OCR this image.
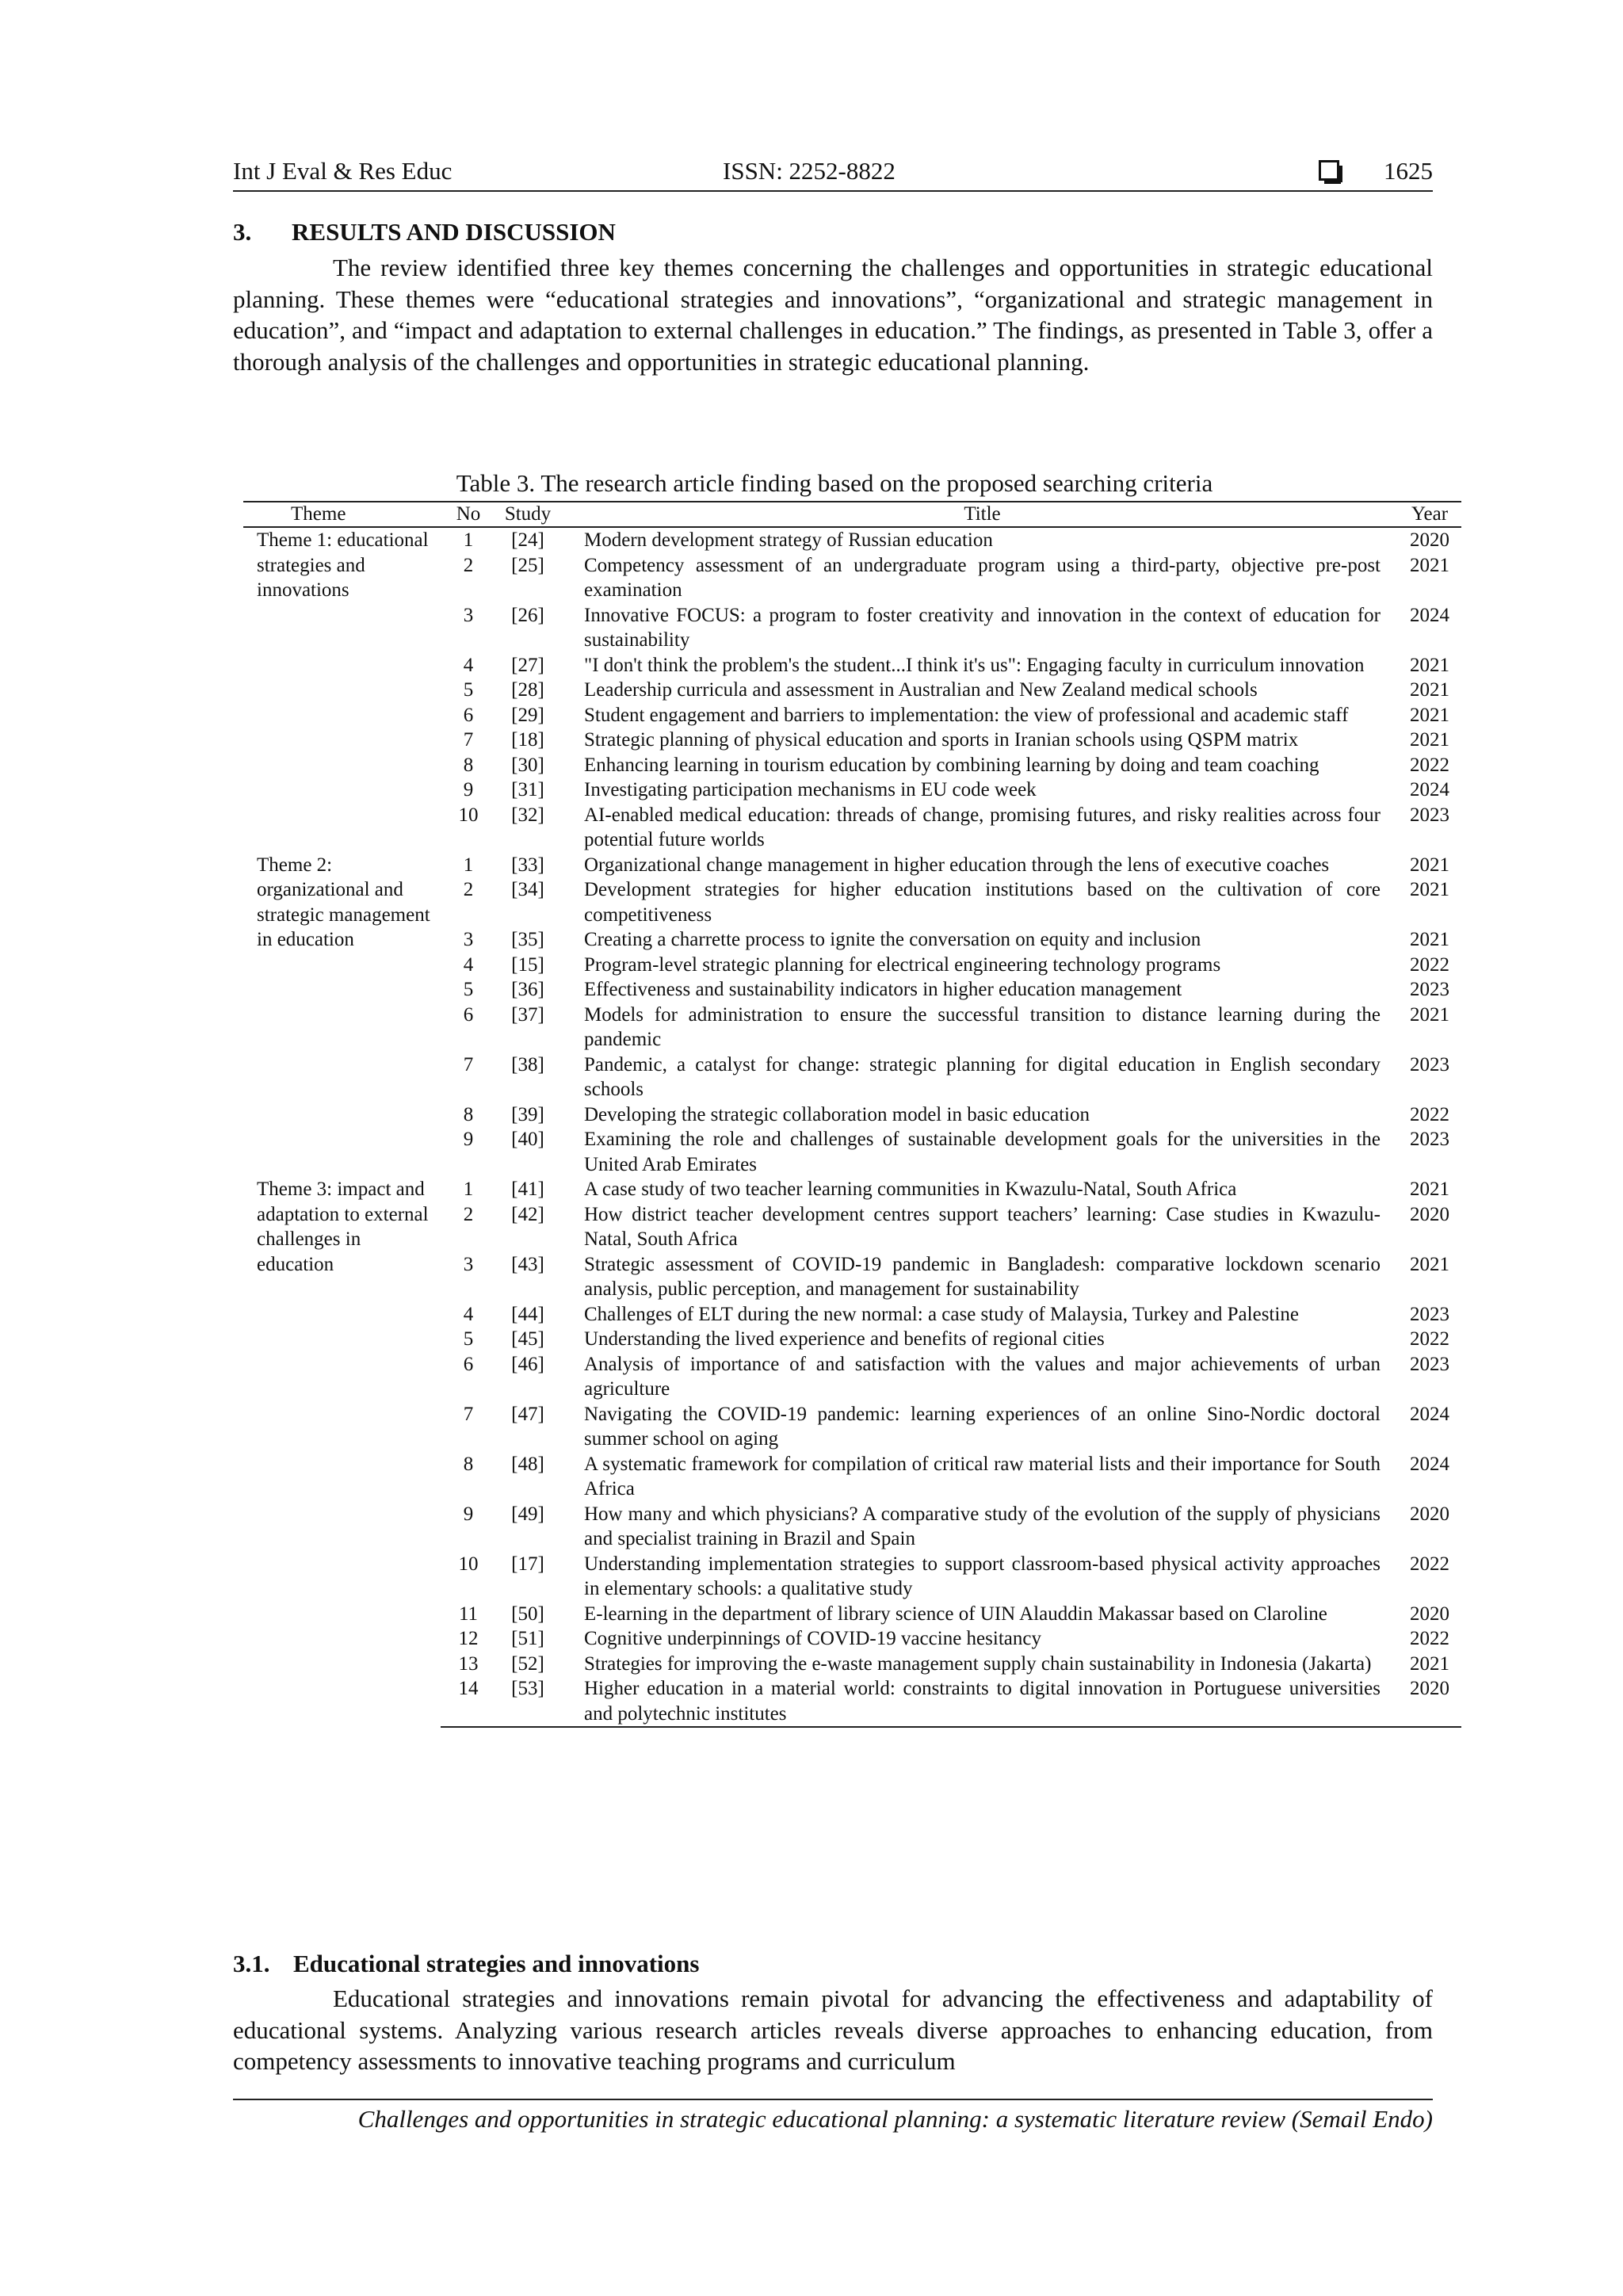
Int J Eval & Res Educ	ISSN: 2252-8822	1625
3. RESULTS AND DISCUSSION

The review identified three key themes concerning the challenges and opportunities in strategic educational planning. These themes were “educational strategies and innovations”, “organizational and strategic management in education”, and “impact and adaptation to external challenges in education.” The findings, as presented in Table 3, offer a thorough analysis of the challenges and opportunities in strategic educational planning.

Table 3. The research article finding based on the proposed searching criteria
Theme	No	Study	Title	Year
Theme 1: educational strategies and innovations	1	[24]	Modern development strategy of Russian education	2020
	2	[25]	Competency assessment of an undergraduate program using a third-party, objective pre-post examination	2021
	3	[26]	Innovative FOCUS: a program to foster creativity and innovation in the context of education for sustainability	2024
	4	[27]	"I don't think the problem's the student...I think it's us": Engaging faculty in curriculum innovation	2021
	5	[28]	Leadership curricula and assessment in Australian and New Zealand medical schools	2021
	6	[29]	Student engagement and barriers to implementation: the view of professional and academic staff	2021
	7	[18]	Strategic planning of physical education and sports in Iranian schools using QSPM matrix	2021
	8	[30]	Enhancing learning in tourism education by combining learning by doing and team coaching	2022
	9	[31]	Investigating participation mechanisms in EU code week	2024
	10	[32]	AI-enabled medical education: threads of change, promising futures, and risky realities across four potential future worlds	2023
Theme 2: organizational and strategic management in education	1	[33]	Organizational change management in higher education through the lens of executive coaches	2021
	2	[34]	Development strategies for higher education institutions based on the cultivation of core competitiveness	2021
	3	[35]	Creating a charrette process to ignite the conversation on equity and inclusion	2021
	4	[15]	Program-level strategic planning for electrical engineering technology programs	2022
	5	[36]	Effectiveness and sustainability indicators in higher education management	2023
	6	[37]	Models for administration to ensure the successful transition to distance learning during the pandemic	2021
	7	[38]	Pandemic, a catalyst for change: strategic planning for digital education in English secondary schools	2023
	8	[39]	Developing the strategic collaboration model in basic education	2022
	9	[40]	Examining the role and challenges of sustainable development goals for the universities in the United Arab Emirates	2023
Theme 3: impact and adaptation to external challenges in education	1	[41]	A case study of two teacher learning communities in Kwazulu-Natal, South Africa	2021
	2	[42]	How district teacher development centres support teachers’ learning: Case studies in Kwazulu-Natal, South Africa	2020
	3	[43]	Strategic assessment of COVID-19 pandemic in Bangladesh: comparative lockdown scenario analysis, public perception, and management for sustainability	2021
	4	[44]	Challenges of ELT during the new normal: a case study of Malaysia, Turkey and Palestine	2023
	5	[45]	Understanding the lived experience and benefits of regional cities	2022
	6	[46]	Analysis of importance of and satisfaction with the values and major achievements of urban agriculture	2023
	7	[47]	Navigating the COVID-19 pandemic: learning experiences of an online Sino-Nordic doctoral summer school on aging	2024
	8	[48]	A systematic framework for compilation of critical raw material lists and their importance for South Africa	2024
	9	[49]	How many and which physicians? A comparative study of the evolution of the supply of physicians and specialist training in Brazil and Spain	2020
	10	[17]	Understanding implementation strategies to support classroom-based physical activity approaches in elementary schools: a qualitative study	2022
	11	[50]	E-learning in the department of library science of UIN Alauddin Makassar based on Claroline	2020
	12	[51]	Cognitive underpinnings of COVID-19 vaccine hesitancy	2022
	13	[52]	Strategies for improving the e-waste management supply chain sustainability in Indonesia (Jakarta)	2021
	14	[53]	Higher education in a material world: constraints to digital innovation in Portuguese universities and polytechnic institutes	2020
3.1. Educational strategies and innovations

Educational strategies and innovations remain pivotal for advancing the effectiveness and adaptability of educational systems. Analyzing various research articles reveals diverse approaches to enhancing education, from competency assessments to innovative teaching programs and curriculum

Challenges and opportunities in strategic educational planning: a systematic literature review (Semail Endo)
